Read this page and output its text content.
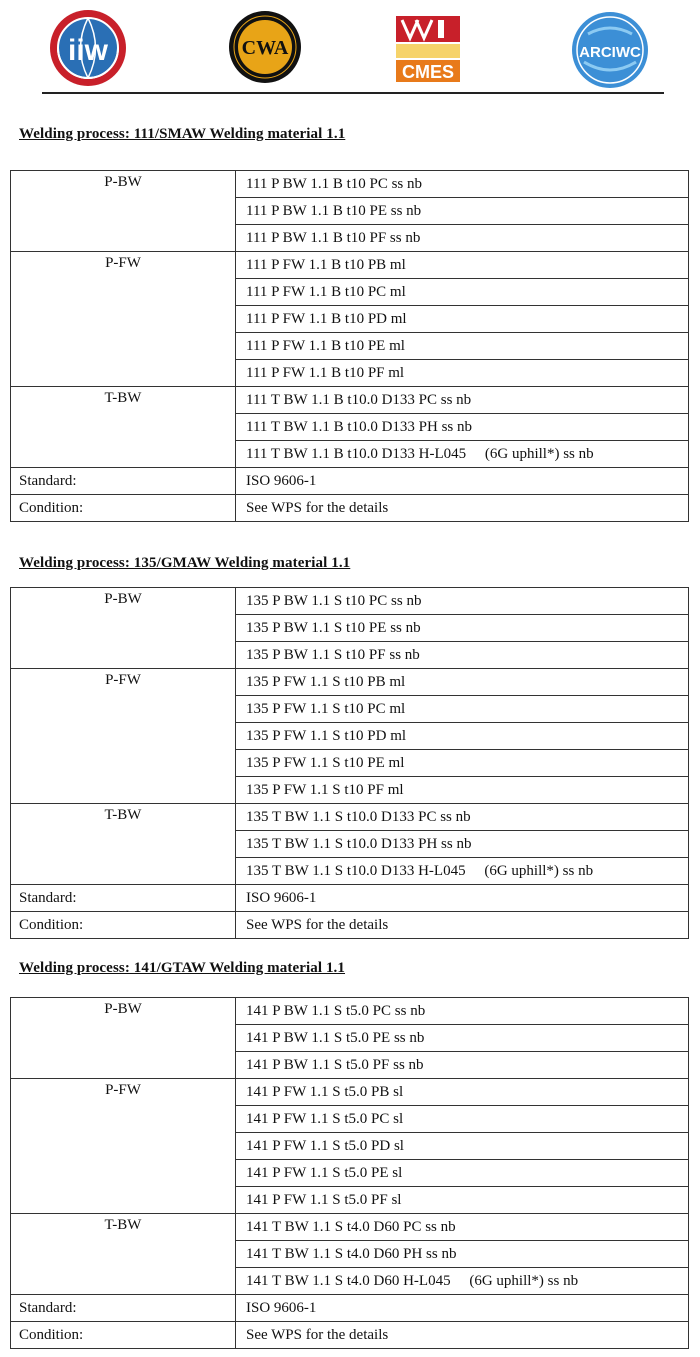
iiw	CWA
CMES
ARCIWC
Welding process: 111/SMAW Welding material 1.1
P-BW	111 P BW 1.1 B t10 PC ss nb
	111 P BW 1.1 B t10 PE ss nb
	111 P BW 1.1 B t10 PF ss nb

P-FW	111 P FW 1.1 B t10 PB ml
	111 P FW 1.1 B t10 PC ml
	111 P FW 1.1 B t10 PD ml
	111 P FW 1.1 B t10 PE ml
	111 P FW 1.1 B t10 PF ml

T-BW	111 T BW 1.1 B t10.0 D133 PC ss nb
	111 T BW 1.1 B t10.0 D133 PH ss nb
	111 T BW 1.1 B t10.0 D133 H-L045     (6G uphill*) ss nb
Standard:	ISO 9606-1
Condition:	See WPS for the details
Welding process: 135/GMAW Welding material 1.1
P-BW	135 P BW 1.1 S t10 PC ss nb
	135 P BW 1.1 S t10 PE ss nb
	135 P BW 1.1 S t10 PF ss nb

P-FW	135 P FW 1.1 S t10 PB ml
	135 P FW 1.1 S t10 PC ml
	135 P FW 1.1 S t10 PD ml
	135 P FW 1.1 S t10 PE ml
	135 P FW 1.1 S t10 PF ml

T-BW	135 T BW 1.1 S t10.0 D133 PC ss nb
	135 T BW 1.1 S t10.0 D133 PH ss nb
	135 T BW 1.1 S t10.0 D133 H-L045     (6G uphill*) ss nb
Standard:	ISO 9606-1
Condition:	See WPS for the details
Welding process: 141/GTAW Welding material 1.1
P-BW	141 P BW 1.1 S t5.0 PC ss nb
	141 P BW 1.1 S t5.0 PE ss nb
	141 P BW 1.1 S t5.0 PF ss nb

P-FW	141 P FW 1.1 S t5.0 PB sl
	141 P FW 1.1 S t5.0 PC sl
	141 P FW 1.1 S t5.0 PD sl
	141 P FW 1.1 S t5.0 PE sl
	141 P FW 1.1 S t5.0 PF sl

T-BW	141 T BW 1.1 S t4.0 D60 PC ss nb
	141 T BW 1.1 S t4.0 D60 PH ss nb
	141 T BW 1.1 S t4.0 D60 H-L045     (6G uphill*) ss nb
Standard:	ISO 9606-1
Condition:	See WPS for the details
